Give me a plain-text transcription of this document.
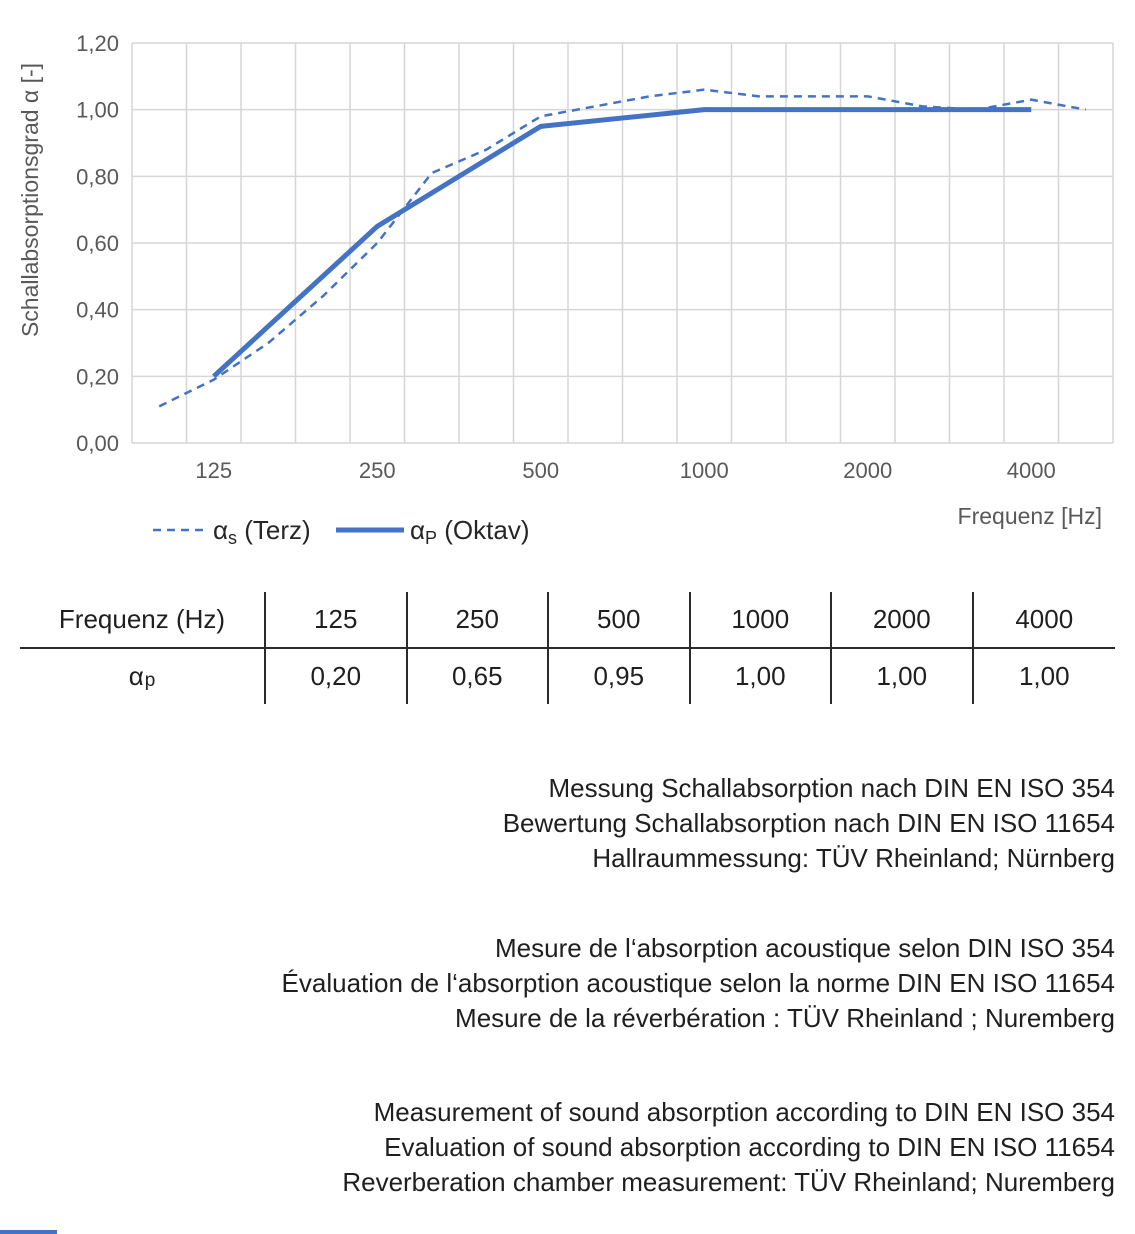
0,00
0,20
0,40
0,60
0,80
1,00
1,20
125	250	500	1000	2000	4000
Schallabsorptionsgrad α [-]
Frequenz [Hz]
αs (Terz)	αP (Oktav)
Frequenz (Hz)	125	250	500	1000	2000	4000
α p	0,20	0,65	0,95	1,00	1,00	1,00
Messung Schallabsorption nach DIN EN ISO 354
Bewertung Schallabsorption nach DIN EN ISO 11654
Hallraummessung: TÜV Rheinland; Nürnberg
Mesure de l‘absorption acoustique selon DIN ISO 354
Évaluation de l‘absorption acoustique selon la norme DIN EN ISO 11654
Mesure de la réverbération : TÜV Rheinland ; Nuremberg
Measurement of sound absorption according to DIN EN ISO 354
Evaluation of sound absorption according to DIN EN ISO 11654
Reverberation chamber measurement: TÜV Rheinland; Nuremberg
